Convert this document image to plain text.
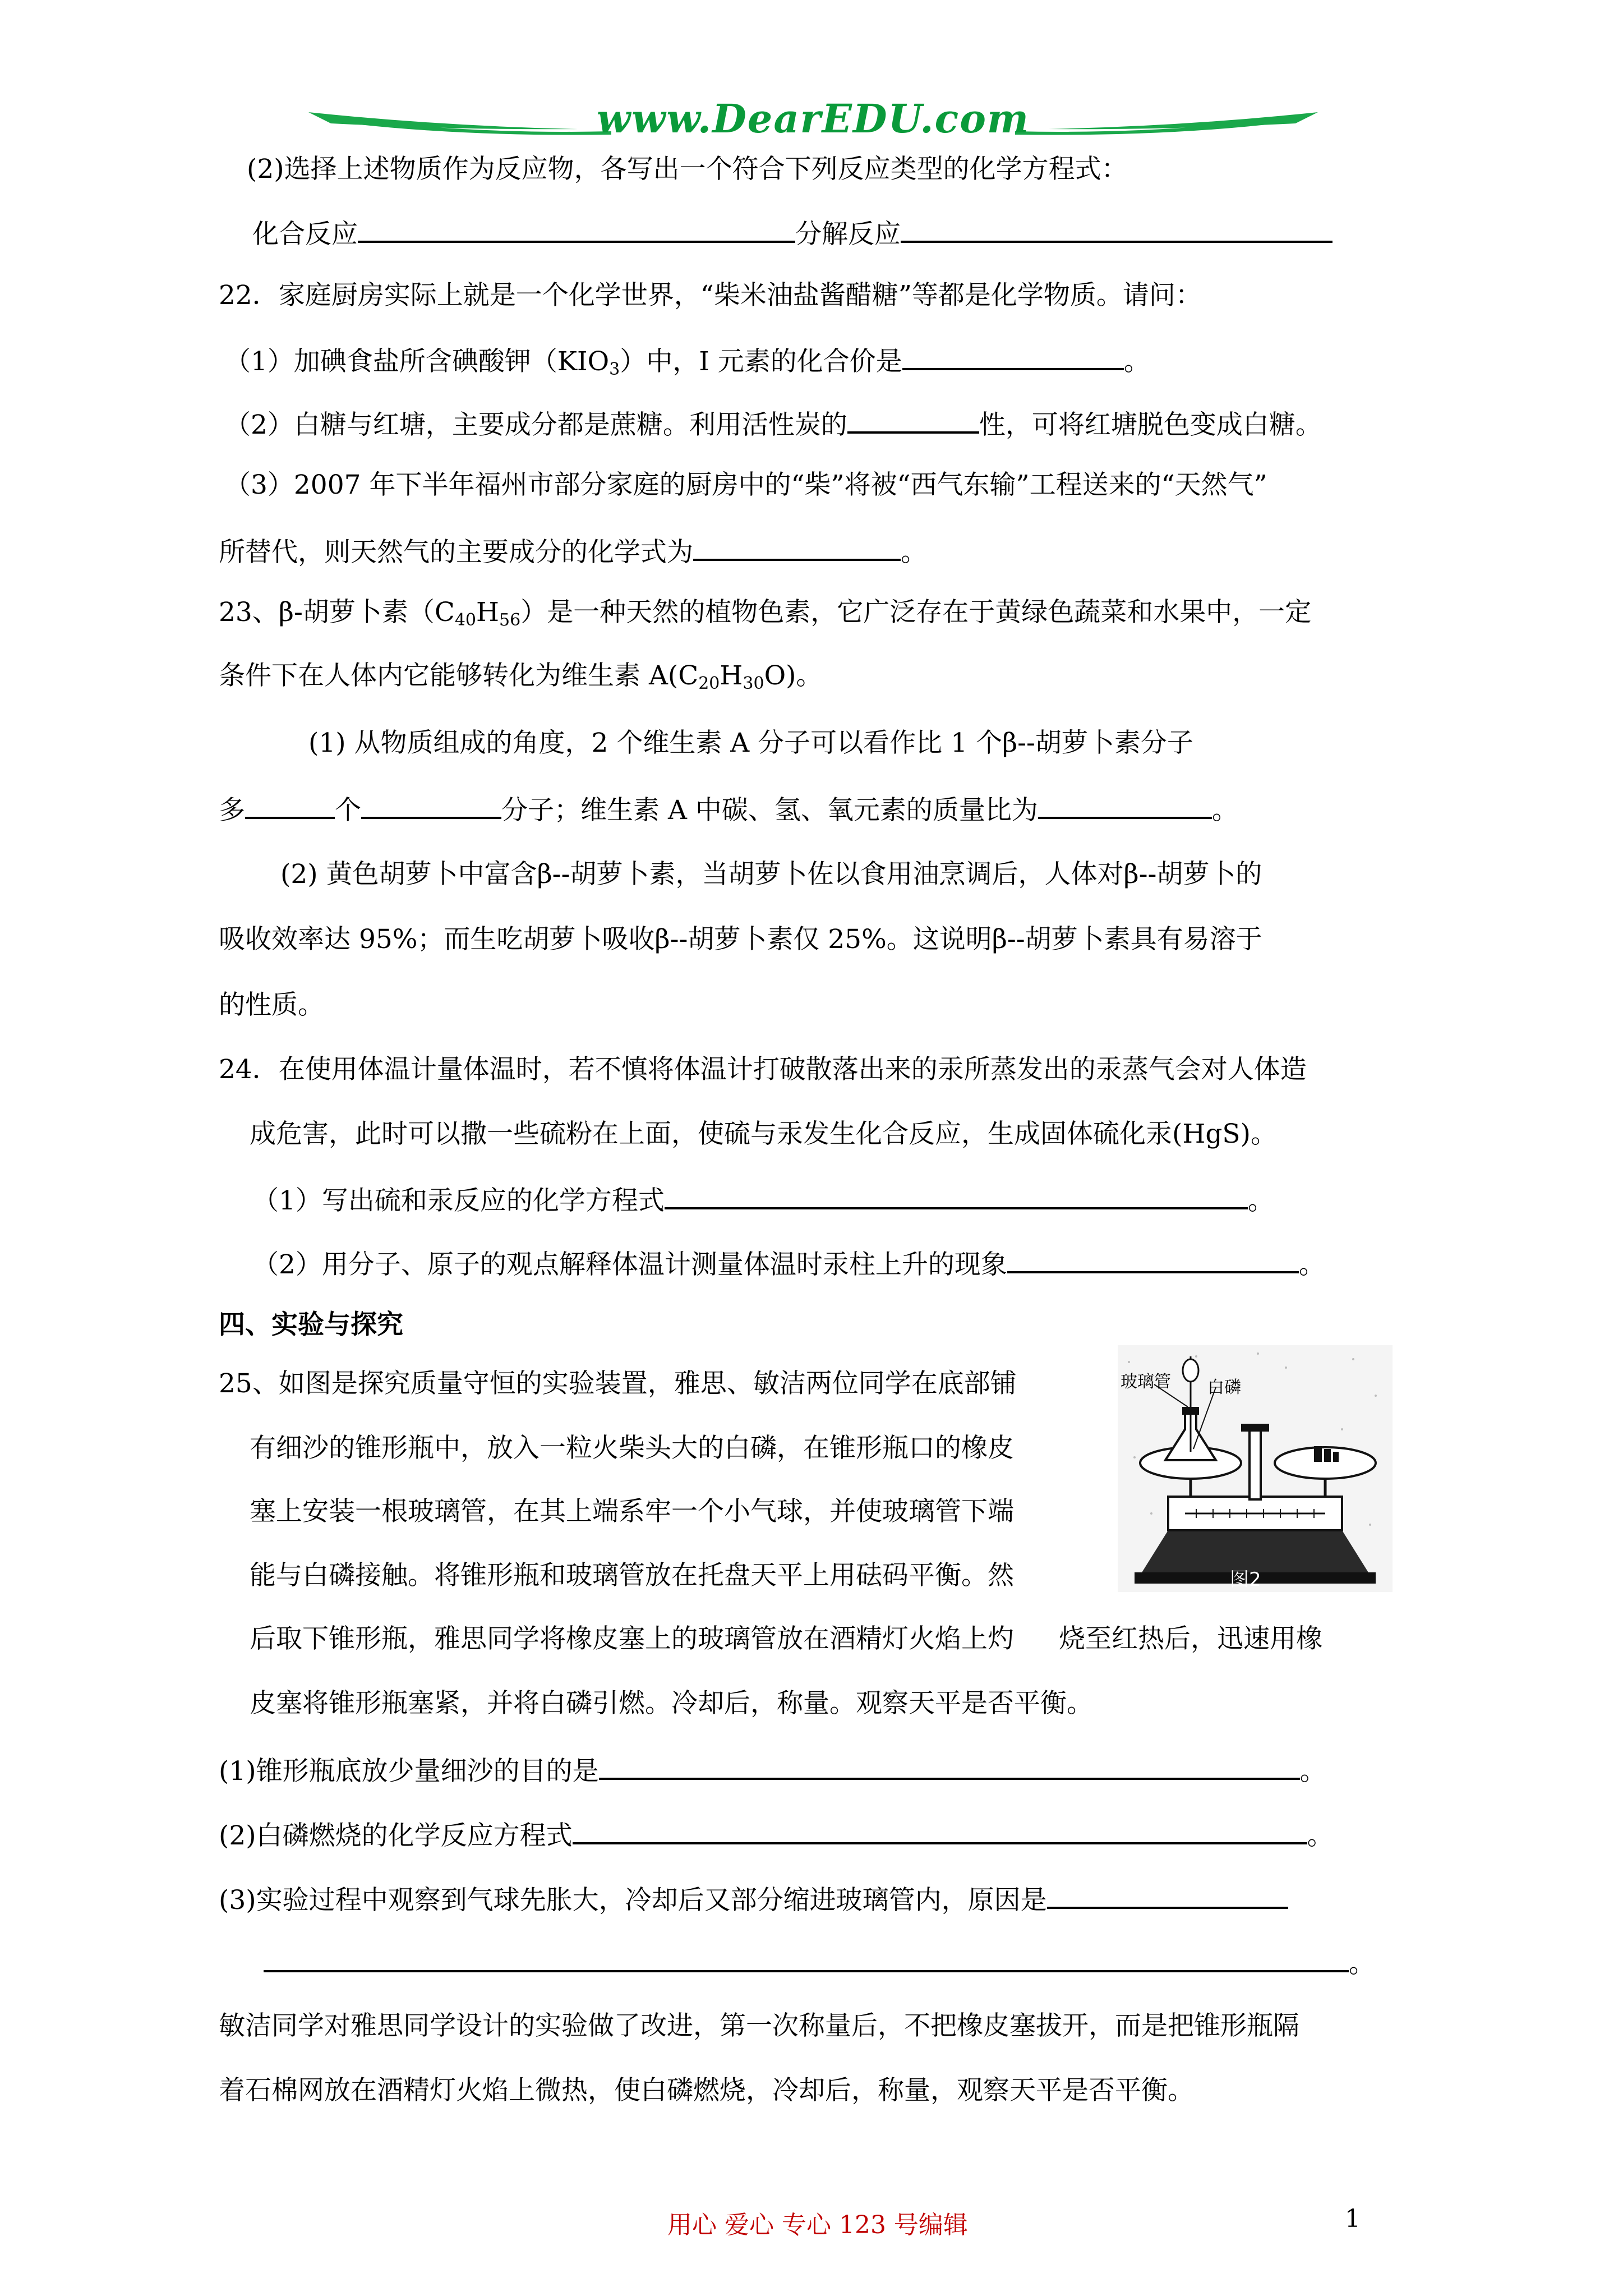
www.DearEDU.com
(2)选择上述物质作为反应物，各写出一个符合下列反应类型的化学方程式：
化合反应	分解反应
22．家庭厨房实际上就是一个化学世界，“柴米油盐酱醋糖”等都是化学物质。请问：
（1）加碘食盐所含碘酸钾$(KIO_3)$中，I 元素的化合价是	。
（2）白糖与红塘，主要成分都是蔗糖。利用活性炭的	性，可将红塘脱色变成白糖。
（3）2007 年下半年福州市部分家庭的厨房中的“柴”将被“西气东输”工程送来的“天然气”
所替代，则天然气的主要成分的化学式为	。
23、β-胡萝卜素$(C_{40}H_{56})$是一种天然的植物色素，它广泛存在于黄绿色蔬菜和水果中，一定
条件下在人体内它能够转化为维生素 $A(C_{20}H_{30}O)$。
(1) 从物质组成的角度，2 个维生素 A 分子可以看作比 1 个β--胡萝卜素分子
多	个	分子；维生素 A 中碳、氢、氧元素的质量比为	。
(2) 黄色胡萝卜中富含β--胡萝卜素，当胡萝卜佐以食用油烹调后，人体对β--胡萝卜的
吸收效率达 95%；而生吃胡萝卜吸收β--胡萝卜素仅 25%。这说明β--胡萝卜素具有易溶于
的性质。
24．在使用体温计量体温时，若不慎将体温计打破散落出来的汞所蒸发出的汞蒸气会对人体造
成危害，此时可以撒一些硫粉在上面，使硫与汞发生化合反应，生成固体硫化汞(HgS)。
（1）写出硫和汞反应的化学方程式	。
（2）用分子、原子的观点解释体温计测量体温时汞柱上升的现象	。
四、实验与探究
25、如图是探究质量守恒的实验装置，雅思、敏洁两位同学在底部铺
有细沙的锥形瓶中，放入一粒火柴头大的白磷，在锥形瓶口的橡皮
塞上安装一根玻璃管，在其上端系牢一个小气球，并使玻璃管下端
能与白磷接触。将锥形瓶和玻璃管放在托盘天平上用砝码平衡。然
后取下锥形瓶，雅思同学将橡皮塞上的玻璃管放在酒精灯火焰上灼 烧至红热后，迅速用橡
皮塞将锥形瓶塞紧，并将白磷引燃。冷却后，称量。观察天平是否平衡。
(1)锥形瓶底放少量细沙的目的是	。
(2)白磷燃烧的化学反应方程式	。
(3)实验过程中观察到气球先胀大，冷却后又部分缩进玻璃管内，原因是
。
敏洁同学对雅思同学设计的实验做了改进，第一次称量后，不把橡皮塞拔开，而是把锥形瓶隔
着石棉网放在酒精灯火焰上微热，使白磷燃烧，冷却后，称量，观察天平是否平衡。
玻璃管 白磷
图2
用心 爱心 专心 123 号编辑	1
